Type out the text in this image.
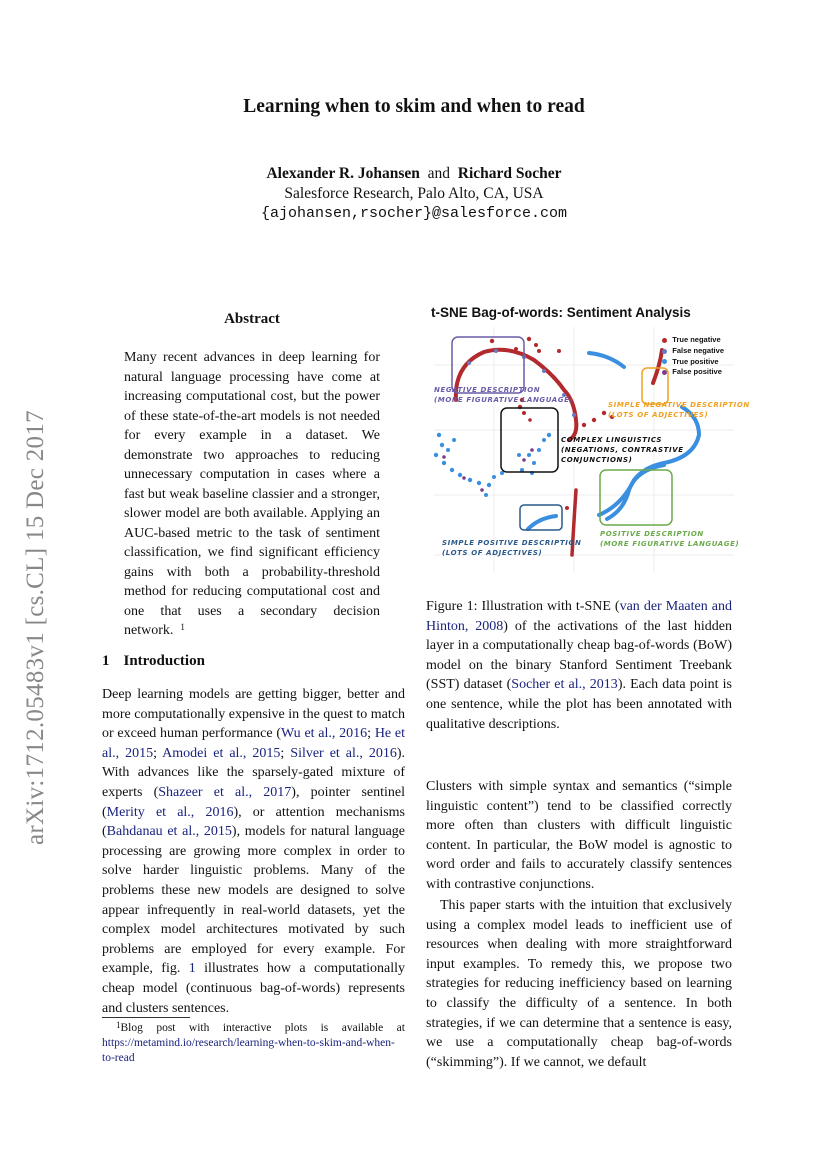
Learning when to skim and when to read
Alexander R. Johansen and Richard Socher
Salesforce Research, Palo Alto, CA, USA
{ajohansen,rsocher}@salesforce.com
arXiv:1712.05483v1 [cs.CL] 15 Dec 2017
Abstract
Many recent advances in deep learning for natural language processing have come at increasing computational cost, but the power of these state-of-the-art models is not needed for every example in a dataset. We demonstrate two approaches to reducing unnecessary computation in cases where a fast but weak baseline classier and a stronger, slower model are both available. Applying an AUC-based metric to the task of sentiment classification, we find significant efficiency gains with both a probability-threshold method for reducing computational cost and one that uses a secondary decision network. $^1$
1 Introduction
Deep learning models are getting bigger, better and more computationally expensive in the quest to match or exceed human performance (Wu et al., 2016; He et al., 2015; Amodei et al., 2015; Silver et al., 2016). With advances like the sparsely-gated mixture of experts (Shazeer et al., 2017), pointer sentinel (Merity et al., 2016), or attention mechanisms (Bahdanau et al., 2015), models for natural language processing are growing more complex in order to solve harder linguistic problems. Many of the problems these new models are designed to solve appear infrequently in real-world datasets, yet the complex model architectures motivated by such problems are employed for every example. For example, fig. 1 illustrates how a computationally cheap model (continuous bag-of-words) represents and clusters sentences.
$^1$Blog post with interactive plots is available at https://metamind.io/research/learning-when-to-skim-and-when-to-read
t-SNE Bag-of-words: Sentiment Analysis
True negative
False negative
True positive
False positive
NEGATIVE DESCRIPTION
(MORE FIGURATIVE LANGUAGE)
SIMPLE NEGATIVE DESCRIPTION
(LOTS OF ADJECTIVES)
COMPLEX LINGUISTICS
(NEGATIONS, CONTRASTIVE
CONJUNCTIONS)
POSITIVE DESCRIPTION
(MORE FIGURATIVE LANGUAGE)
SIMPLE POSITIVE DESCRIPTION
(LOTS OF ADJECTIVES)
Figure 1: Illustration with t-SNE (van der Maaten and Hinton, 2008) of the activations of the last hidden layer in a computationally cheap bag-of-words (BoW) model on the binary Stanford Sentiment Treebank (SST) dataset (Socher et al., 2013). Each data point is one sentence, while the plot has been annotated with qualitative descriptions.

Clusters with simple syntax and semantics (“simple linguistic content”) tend to be classified correctly more often than clusters with difficult linguistic content. In particular, the BoW model is agnostic to word order and fails to accurately classify sentences with contrastive conjunctions.

This paper starts with the intuition that exclusively using a complex model leads to inefficient use of resources when dealing with more straightforward input examples. To remedy this, we propose two strategies for reducing inefficiency based on learning to classify the difficulty of a sentence. In both strategies, if we can determine that a sentence is easy, we use a computationally cheap bag-of-words (“skimming”). If we cannot, we default
